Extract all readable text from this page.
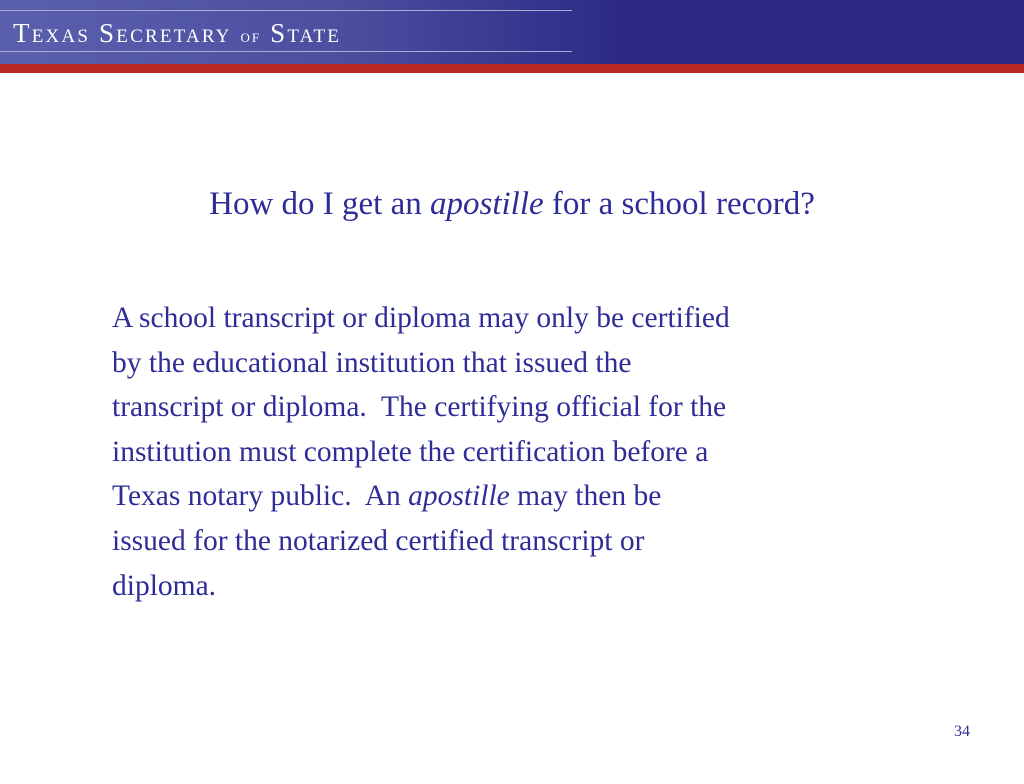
Texas Secretary of State
How do I get an apostille for a school record?
A school transcript or diploma may only be certified
by the educational institution that issued the
transcript or diploma.  The certifying official for the
institution must complete the certification before a
Texas notary public.  An apostille may then be
issued for the notarized certified transcript or
diploma.
34
